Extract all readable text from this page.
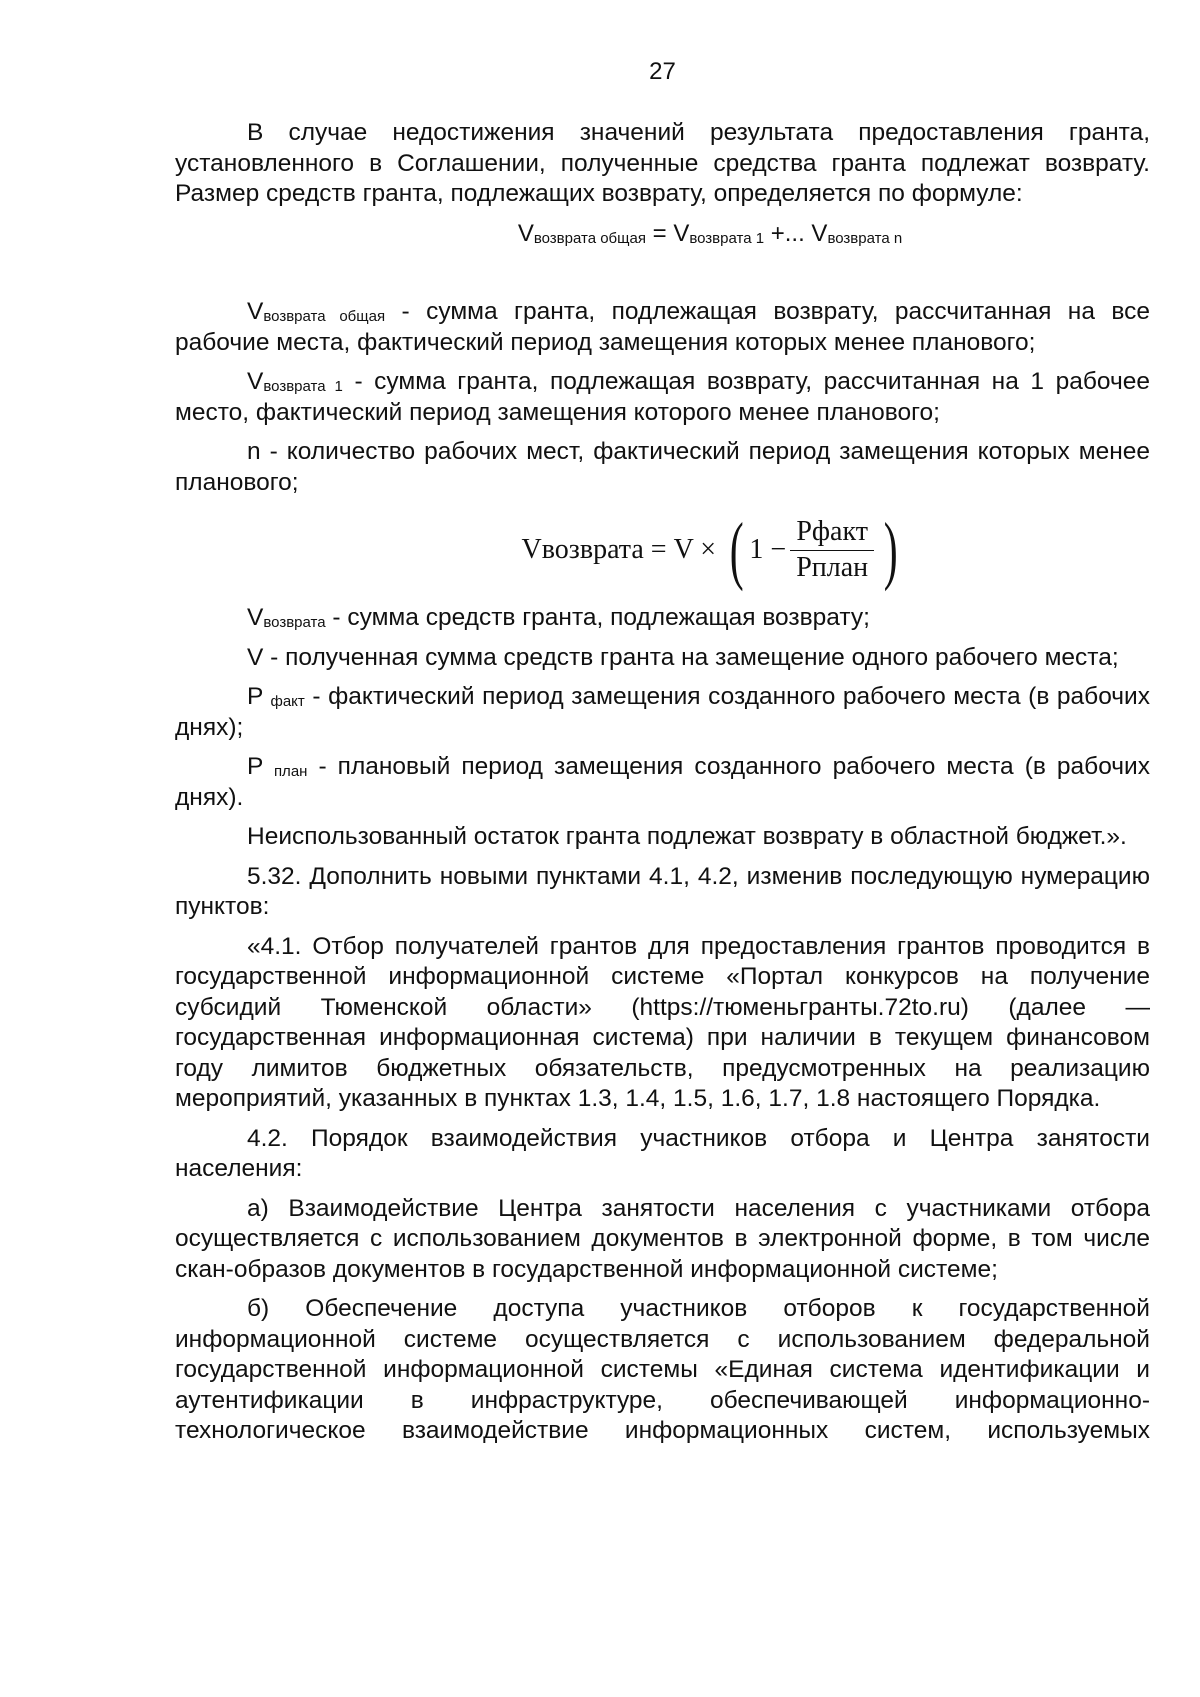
27

В случае недостижения значений результата предоставления гранта, установленного в Соглашении, полученные средства гранта подлежат возврату. Размер средств гранта, подлежащих возврату, определяется по формуле:

Vвозврата общая = Vвозврата 1 +... Vвозврата n

Vвозврата общая - сумма гранта, подлежащая возврату, рассчитанная на все рабочие места, фактический период замещения которых менее планового;

Vвозврата 1 - сумма гранта, подлежащая возврату, рассчитанная на 1 рабочее место, фактический период замещения которого менее планового;

n - количество рабочих мест, фактический период замещения которых менее планового;

Vвозврата = V × ( $1 - \frac{\text{Pфакт}}{\text{Pплан}}$ )

Vвозврата - сумма средств гранта, подлежащая возврату;

V - полученная сумма средств гранта на замещение одного рабочего места;

P факт - фактический период замещения созданного рабочего места (в рабочих днях);

P план - плановый период замещения созданного рабочего места (в рабочих днях).

Неиспользованный остаток гранта подлежат возврату в областной бюджет.».

5.32. Дополнить новыми пунктами 4.1, 4.2, изменив последующую нумерацию пунктов:

«4.1. Отбор получателей грантов для предоставления грантов проводится в государственной информационной системе «Портал конкурсов на получение субсидий Тюменской области» (https://тюменьгранты.72to.ru) (далее — государственная информационная система) при наличии в текущем финансовом году лимитов бюджетных обязательств, предусмотренных на реализацию мероприятий, указанных в пунктах 1.3, 1.4, 1.5, 1.6, 1.7, 1.8 настоящего Порядка.

4.2. Порядок взаимодействия участников отбора и Центра занятости населения:

а) Взаимодействие Центра занятости населения с участниками отбора осуществляется с использованием документов в электронной форме, в том числе скан-образов документов в государственной информационной системе;

б) Обеспечение доступа участников отборов к государственной информационной системе осуществляется с использованием федеральной государственной информационной системы «Единая система идентификации и аутентификации в инфраструктуре, обеспечивающей информационно-технологическое взаимодействие информационных систем, используемых
